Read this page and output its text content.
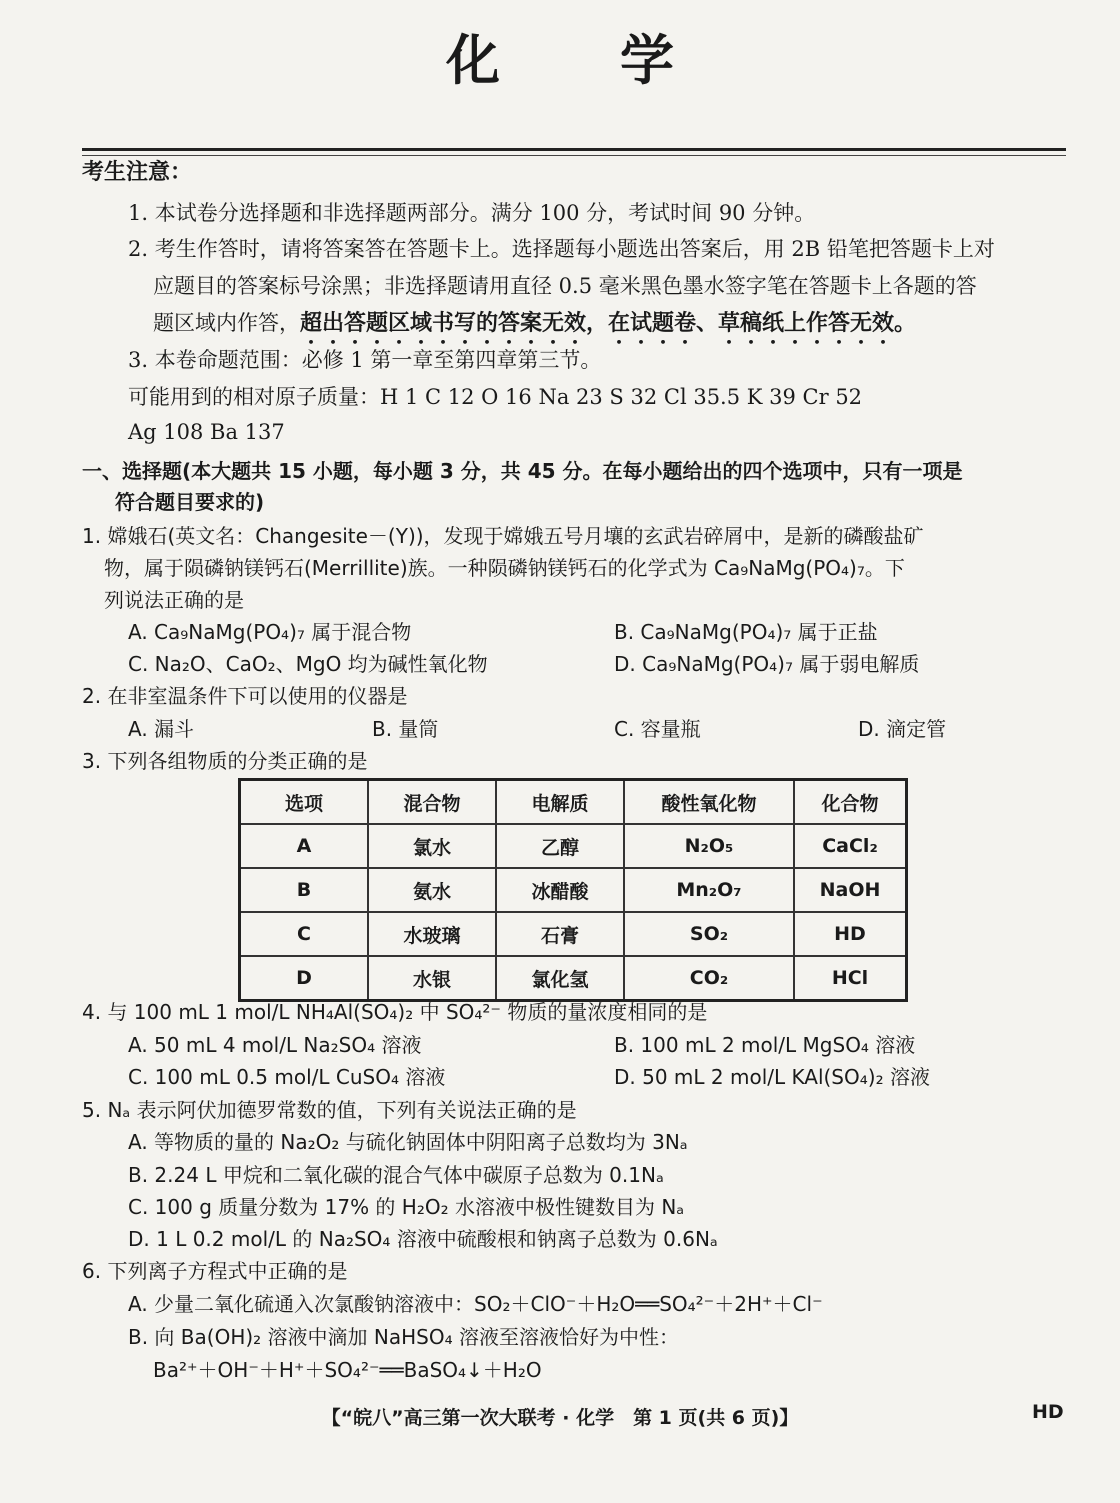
化 学
考生注意：
1. 本试卷分选择题和非选择题两部分。满分 100 分，考试时间 90 分钟。
2. 考生作答时，请将答案答在答题卡上。选择题每小题选出答案后，用 2B 铅笔把答题卡上对
应题目的答案标号涂黑；非选择题请用直径 0.5 毫米黑色墨水签字笔在答题卡上各题的答
题区域内作答，超出答题区域书写的答案无效，在试题卷、草稿纸上作答无效。
3. 本卷命题范围：必修 1 第一章至第四章第三节。
可能用到的相对原子质量：H 1 C 12 O 16 Na 23 S 32 Cl 35.5 K 39 Cr 52
Ag 108 Ba 137
一、选择题(本大题共 15 小题，每小题 3 分，共 45 分。在每小题给出的四个选项中，只有一项是
符合题目要求的)
1. 嫦娥石(英文名：Changesite－(Y))，发现于嫦娥五号月壤的玄武岩碎屑中，是新的磷酸盐矿
物，属于陨磷钠镁钙石(Merrillite)族。一种陨磷钠镁钙石的化学式为 Ca₉NaMg(PO₄)₇。下
列说法正确的是
A. Ca₉NaMg(PO₄)₇ 属于混合物	B. Ca₉NaMg(PO₄)₇ 属于正盐
C. Na₂O、CaO₂、MgO 均为碱性氧化物	D. Ca₉NaMg(PO₄)₇ 属于弱电解质
2. 在非室温条件下可以使用的仪器是
A. 漏斗	B. 量筒	C. 容量瓶	D. 滴定管
3. 下列各组物质的分类正确的是
选项	混合物	电解质	酸性氧化物	化合物
A	氯水	乙醇	N₂O₅	CaCl₂
B	氨水	冰醋酸	Mn₂O₇	NaOH
C	水玻璃	石膏	SO₂	HD
D	水银	氯化氢	CO₂	HCl
4. 与 100 mL 1 mol/L NH₄Al(SO₄)₂ 中 SO₄²⁻ 物质的量浓度相同的是
A. 50 mL 4 mol/L Na₂SO₄ 溶液	B. 100 mL 2 mol/L MgSO₄ 溶液
C. 100 mL 0.5 mol/L CuSO₄ 溶液	D. 50 mL 2 mol/L KAl(SO₄)₂ 溶液
5. Nₐ 表示阿伏加德罗常数的值，下列有关说法正确的是
A. 等物质的量的 Na₂O₂ 与硫化钠固体中阴阳离子总数均为 3Nₐ
B. 2.24 L 甲烷和二氧化碳的混合气体中碳原子总数为 0.1Nₐ
C. 100 g 质量分数为 17% 的 H₂O₂ 水溶液中极性键数目为 Nₐ
D. 1 L 0.2 mol/L 的 Na₂SO₄ 溶液中硫酸根和钠离子总数为 0.6Nₐ
6. 下列离子方程式中正确的是
A. 少量二氧化硫通入次氯酸钠溶液中：SO₂＋ClO⁻＋H₂O══SO₄²⁻＋2H⁺＋Cl⁻
B. 向 Ba(OH)₂ 溶液中滴加 NaHSO₄ 溶液至溶液恰好为中性：
Ba²⁺＋OH⁻＋H⁺＋SO₄²⁻══BaSO₄↓＋H₂O
【“皖八”高三第一次大联考 · 化学　第 1 页(共 6 页)】	HD
